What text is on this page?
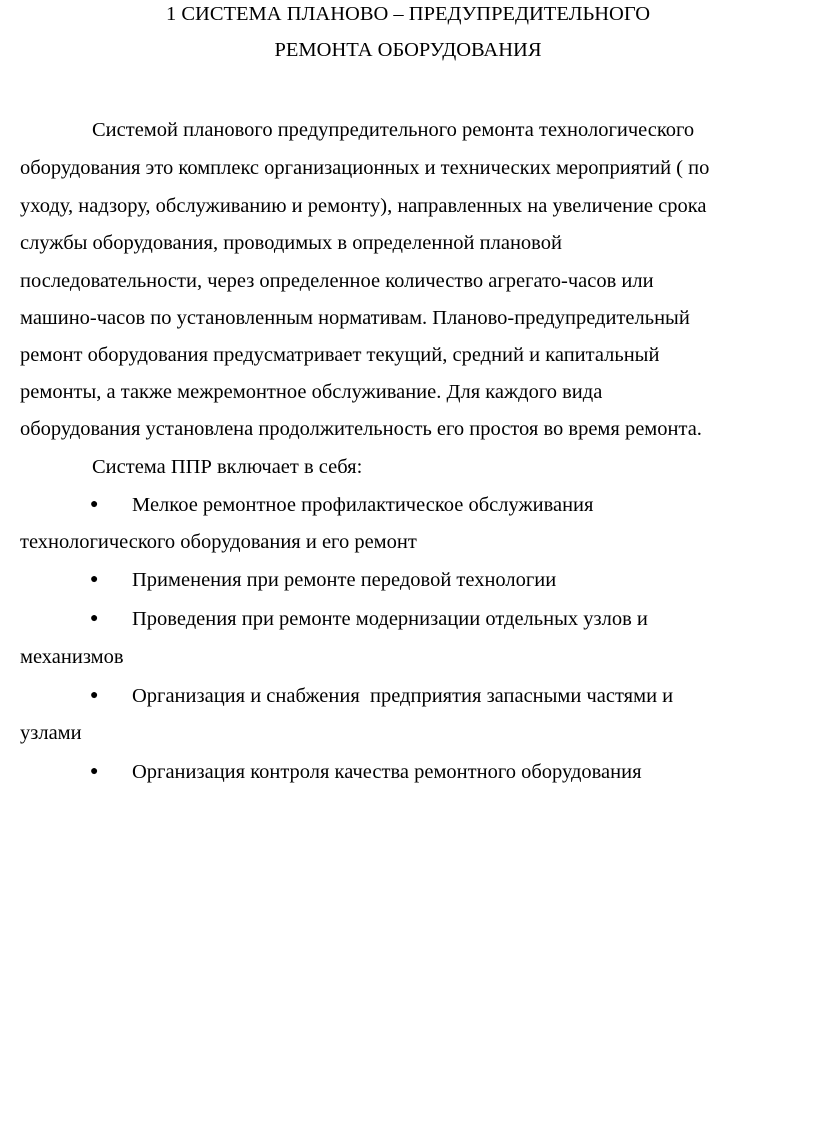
1 СИСТЕМА ПЛАНОВО – ПРЕДУПРЕДИТЕЛЬНОГО
РЕМОНТА ОБОРУДОВАНИЯ
Системой планового предупредительного ремонта технологического
оборудования это комплекс организационных и технических мероприятий ( по
уходу, надзору, обслуживанию и ремонту), направленных на увеличение срока
службы оборудования, проводимых в определенной плановой
последовательности, через определенное количество агрегато-часов или
машино-часов по установленным нормативам. Планово-предупредительный
ремонт оборудования предусматривает текущий, средний и капитальный
ремонты, а также межремонтное обслуживание. Для каждого вида
оборудования установлена продолжительность его простоя во время ремонта.
Система ППР включает в себя:
● Мелкое ремонтное профилактическое обслуживания
технологического оборудования и его ремонт
● Применения при ремонте передовой технологии
● Проведения при ремонте модернизации отдельных узлов и
механизмов
● Организация и снабжения  предприятия запасными частями и
узлами
● Организация контроля качества ремонтного оборудования
